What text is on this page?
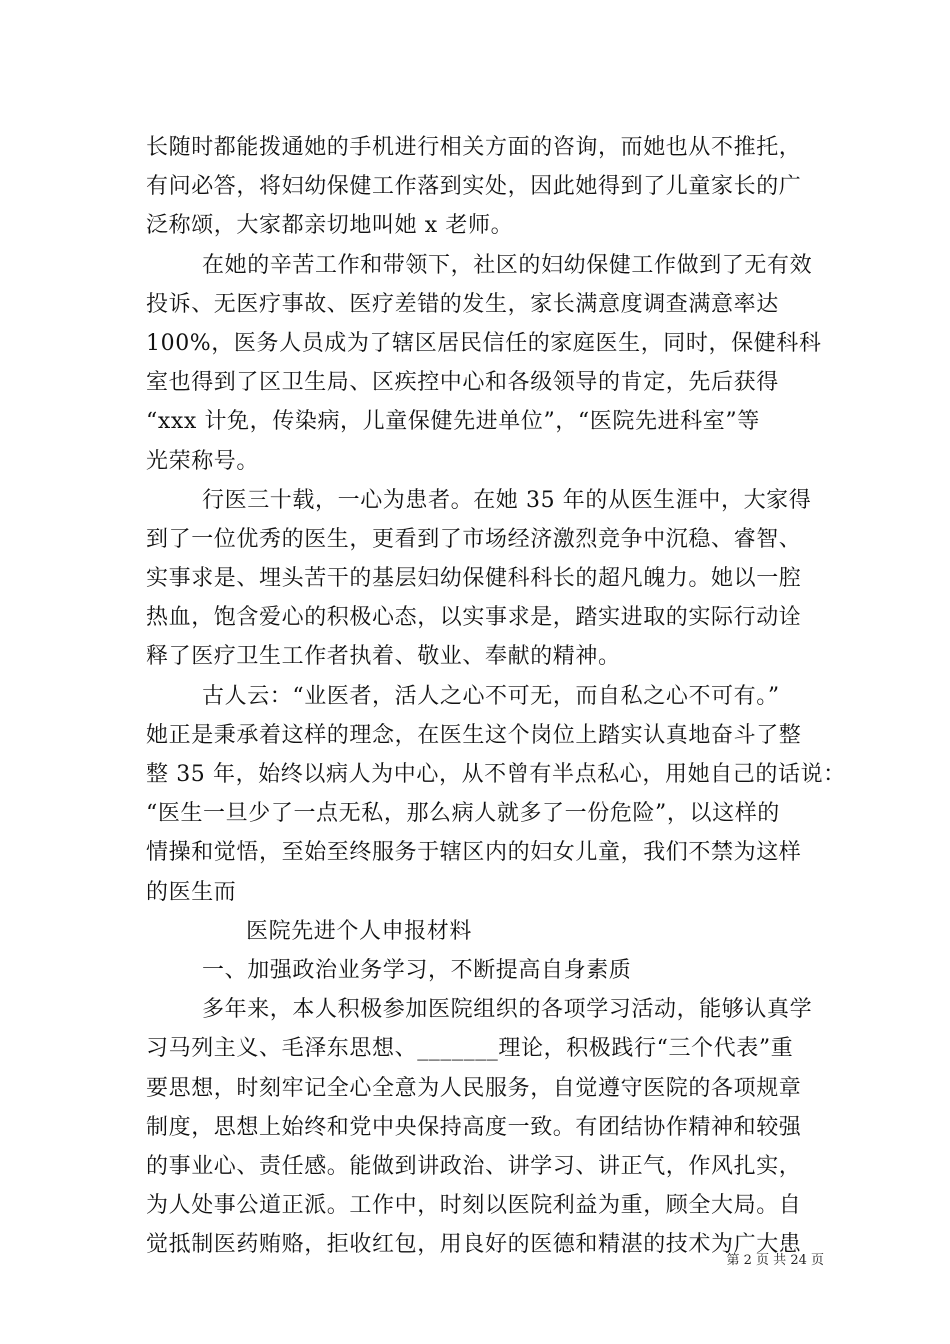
长随时都能拨通她的手机进行相关方面的咨询，而她也从不推托，
有问必答，将妇幼保健工作落到实处，因此她得到了儿童家长的广
泛称颂，大家都亲切地叫她 x 老师。
在她的辛苦工作和带领下，社区的妇幼保健工作做到了无有效
投诉、无医疗事故、医疗差错的发生，家长满意度调查满意率达
100%，医务人员成为了辖区居民信任的家庭医生，同时，保健科科
室也得到了区卫生局、区疾控中心和各级领导的肯定，先后获得
“xxx 计免，传染病，儿童保健先进单位”，“医院先进科室”等
光荣称号。
行医三十载，一心为患者。在她 35 年的从医生涯中，大家得
到了一位优秀的医生，更看到了市场经济激烈竞争中沉稳、睿智、
实事求是、埋头苦干的基层妇幼保健科科长的超凡魄力。她以一腔
热血，饱含爱心的积极心态，以实事求是，踏实进取的实际行动诠
释了医疗卫生工作者执着、敬业、奉献的精神。
古人云：“业医者，活人之心不可无，而自私之心不可有。”
她正是秉承着这样的理念，在医生这个岗位上踏实认真地奋斗了整
整 35 年，始终以病人为中心，从不曾有半点私心，用她自己的话说：
“医生一旦少了一点无私，那么病人就多了一份危险”，以这样的
情操和觉悟，至始至终服务于辖区内的妇女儿童，我们不禁为这样
的医生而
医院先进个人申报材料
一、加强政治业务学习，不断提高自身素质
多年来，本人积极参加医院组织的各项学习活动，能够认真学
习马列主义、毛泽东思想、_______理论，积极践行“三个代表”重
要思想，时刻牢记全心全意为人民服务，自觉遵守医院的各项规章
制度，思想上始终和党中央保持高度一致。有团结协作精神和较强
的事业心、责任感。能做到讲政治、讲学习、讲正气，作风扎实，
为人处事公道正派。工作中，时刻以医院利益为重，顾全大局。自
觉抵制医药贿赂，拒收红包，用良好的医德和精湛的技术为广大患
第 2 页 共 24 页
